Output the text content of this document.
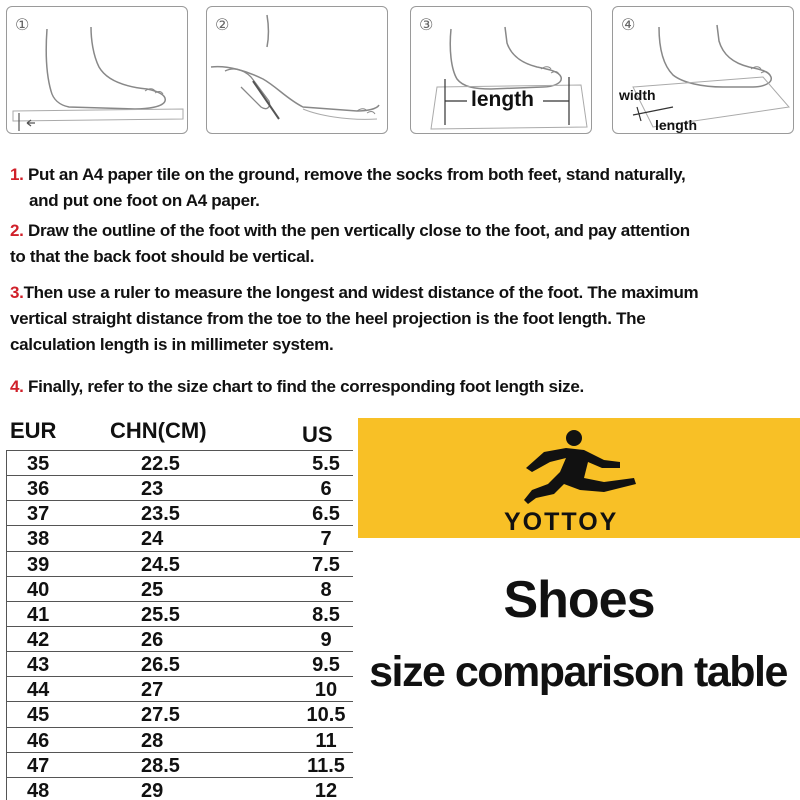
①	②	③
length
④
width
length
1. Put an A4 paper tile on the ground, remove the socks from both feet, stand naturally,
and put one foot on A4 paper.
2. Draw the outline of the foot with the pen vertically close to the foot, and pay attention
to that the back foot should be vertical.
3.Then use a ruler to measure the longest and widest distance of the foot. The maximum
vertical straight distance from the toe to the heel projection is the foot length. The
calculation length is in millimeter system.
4. Finally, refer to the size chart to find the corresponding foot length size.
EUR CHN(CM)	US
35	22.5	5.5
36	23	6
37	23.5	6.5
38	24	7
39	24.5	7.5
40	25	8
41	25.5	8.5
42	26	9
43	26.5	9.5
44	27	10
45	27.5	10.5
46	28	11
47	28.5	11.5
48	29	12
YOTTOY
Shoes
size comparison table
